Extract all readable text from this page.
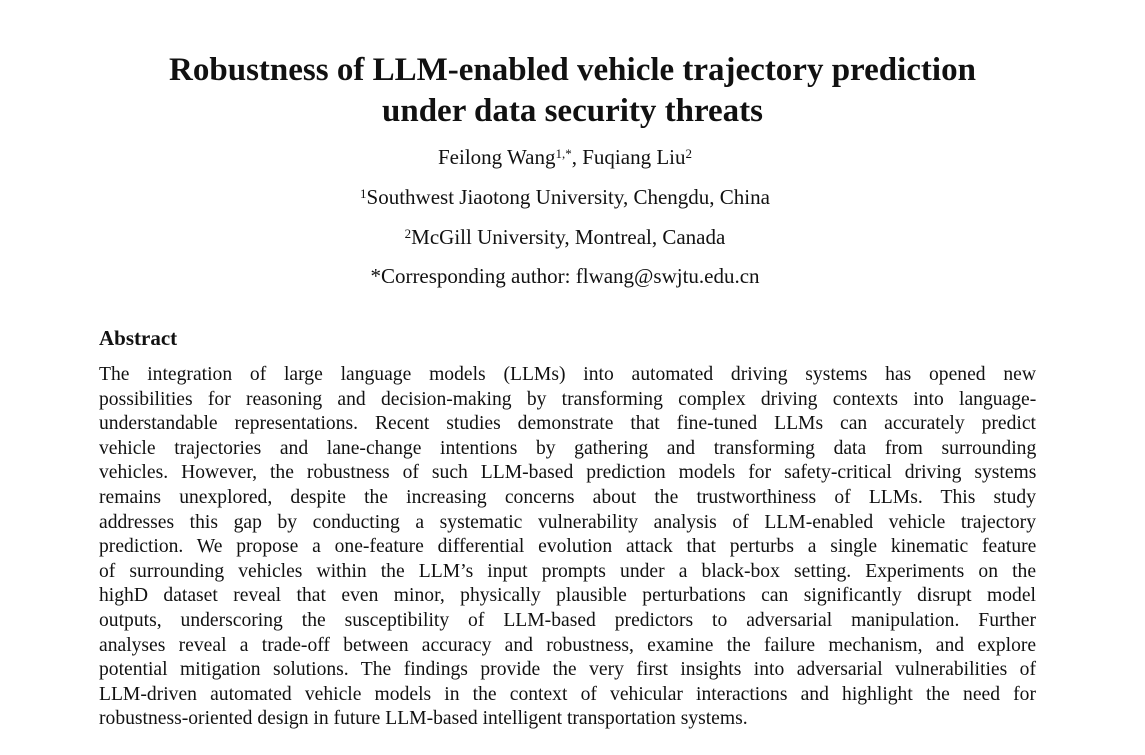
Robustness of LLM-enabled vehicle trajectory prediction
under data security threats
Feilong Wang$^{1,*}$, Fuqiang Liu$^2$
$^1$Southwest Jiaotong University, Chengdu, China
$^2$McGill University, Montreal, Canada
*Corresponding author: flwang@swjtu.edu.cn
Abstract
The integration of large language models (LLMs) into automated driving systems has opened new
possibilities for reasoning and decision-making by transforming complex driving contexts into language-
understandable representations. Recent studies demonstrate that fine-tuned LLMs can accurately predict
vehicle trajectories and lane-change intentions by gathering and transforming data from surrounding
vehicles. However, the robustness of such LLM-based prediction models for safety-critical driving systems
remains unexplored, despite the increasing concerns about the trustworthiness of LLMs. This study
addresses this gap by conducting a systematic vulnerability analysis of LLM-enabled vehicle trajectory
prediction. We propose a one-feature differential evolution attack that perturbs a single kinematic feature
of surrounding vehicles within the LLM’s input prompts under a black-box setting. Experiments on the
highD dataset reveal that even minor, physically plausible perturbations can significantly disrupt model
outputs, underscoring the susceptibility of LLM-based predictors to adversarial manipulation. Further
analyses reveal a trade-off between accuracy and robustness, examine the failure mechanism, and explore
potential mitigation solutions. The findings provide the very first insights into adversarial vulnerabilities of
LLM-driven automated vehicle models in the context of vehicular interactions and highlight the need for
robustness-oriented design in future LLM-based intelligent transportation systems.
